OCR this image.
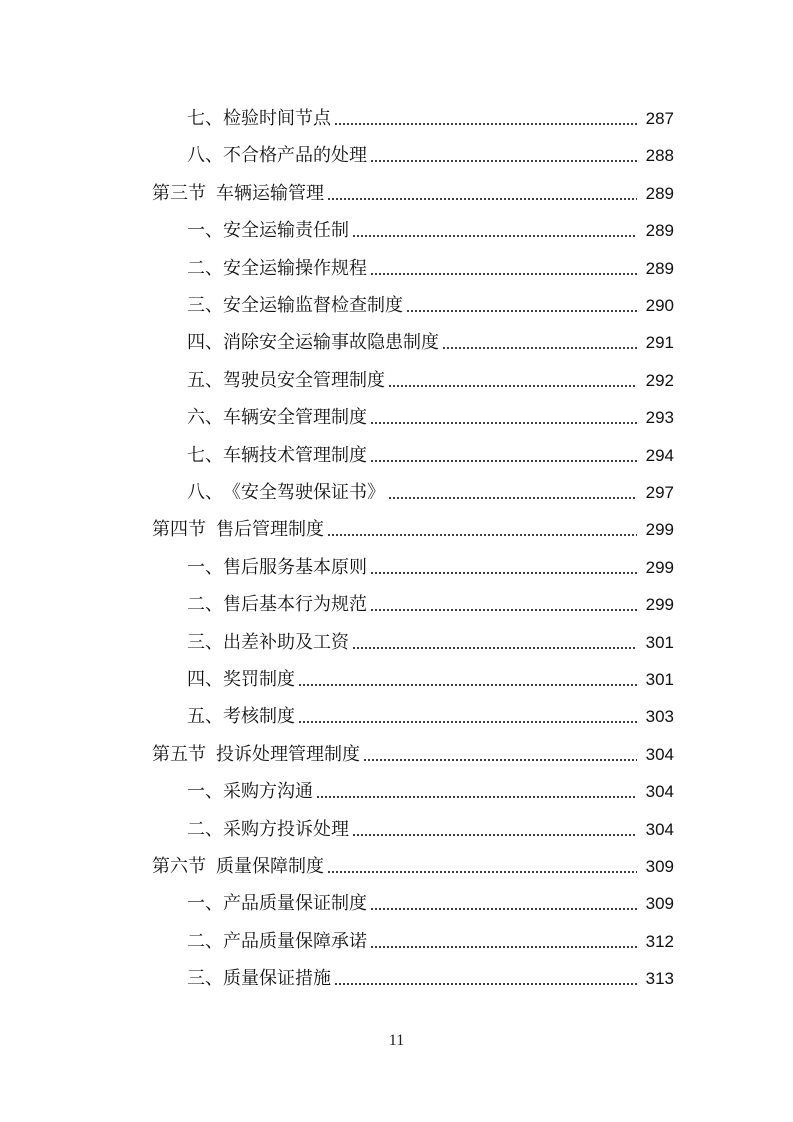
七、 检验时间节点	287
八、 不合格产品的处理	288
第三节 车辆运输管理	289
一、 安全运输责任制	289
二、 安全运输操作规程	289
三、 安全运输监督检查制度	290
四、 消除安全运输事故隐患制度	291
五、 驾驶员安全管理制度	292
六、 车辆安全管理制度	293
七、 车辆技术管理制度	294
八、 《安全驾驶保证书》	297
第四节 售后管理制度	299
一、 售后服务基本原则	299
二、 售后基本行为规范	299
三、 出差补助及工资	301
四、 奖罚制度	301
五、 考核制度	303
第五节 投诉处理管理制度	304
一、 采购方沟通	304
二、 采购方投诉处理	304
第六节 质量保障制度	309
一、 产品质量保证制度	309
二、 产品质量保障承诺	312
三、 质量保证措施	313
11
